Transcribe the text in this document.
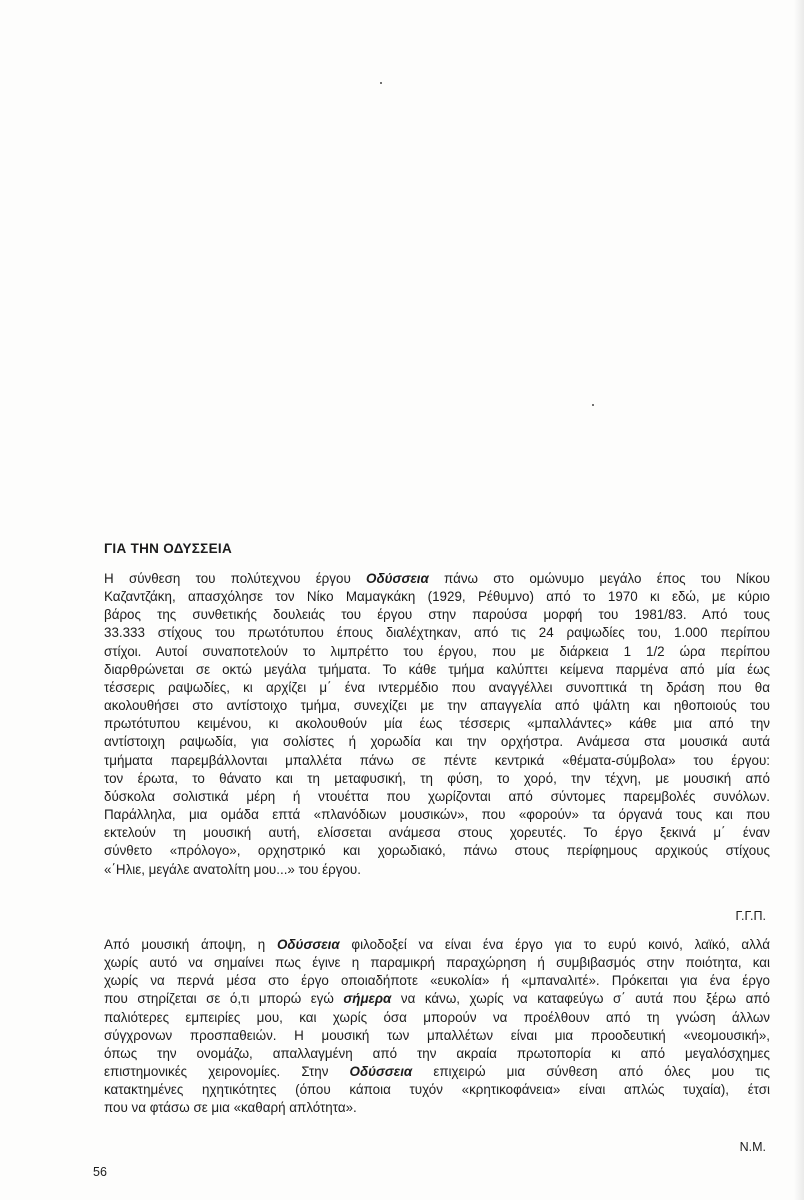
ΓΙΑ ΤΗΝ ΟΔΥΣΣΕΙΑ
Η σύνθεση του πολύτεχνου έργου Οδύσσεια πάνω στο ομώνυμο μεγάλο έπος του Νίκου
Καζαντζάκη, απασχόλησε τον Νίκο Μαμαγκάκη (1929, Ρέθυμνο) από το 1970 κι εδώ, με κύριο
βάρος της συνθετικής δουλειάς του έργου στην παρούσα μορφή του 1981/83. Από τους
33.333 στίχους του πρωτότυπου έπους διαλέχτηκαν, από τις 24 ραψωδίες του, 1.000 περίπου
στίχοι. Αυτοί συναποτελούν το λιμπρέττο του έργου, που με διάρκεια 1 1/2 ώρα περίπου
διαρθρώνεται σε οκτώ μεγάλα τμήματα. Το κάθε τμήμα καλύπτει κείμενα παρμένα από μία έως
τέσσερις ραψωδίες, κι αρχίζει μ΄ ένα ιντερμέδιο που αναγγέλλει συνοπτικά τη δράση που θα
ακολουθήσει στο αντίστοιχο τμήμα, συνεχίζει με την απαγγελία από ψάλτη και ηθοποιούς του
πρωτότυπου κειμένου, κι ακολουθούν μία έως τέσσερις «μπαλλάντες» κάθε μια από την
αντίστοιχη ραψωδία, για σολίστες ή χορωδία και την ορχήστρα. Ανάμεσα στα μουσικά αυτά
τμήματα παρεμβάλλονται μπαλλέτα πάνω σε πέντε κεντρικά «θέματα-σύμβολα» του έργου:
τον έρωτα, το θάνατο και τη μεταφυσική, τη φύση, το χορό, την τέχνη, με μουσική από
δύσκολα σολιστικά μέρη ή ντουέττα που χωρίζονται από σύντομες παρεμβολές συνόλων.
Παράλληλα, μια ομάδα επτά «πλανόδιων μουσικών», που «φορούν» τα όργανά τους και που
εκτελούν τη μουσική αυτή, ελίσσεται ανάμεσα στους χορευτές. Το έργο ξεκινά μ΄ έναν
σύνθετο «πρόλογο», ορχηστρικό και χορωδιακό, πάνω στους περίφημους αρχικούς στίχους
«΄Ηλιε, μεγάλε ανατολίτη μου...» του έργου.

Γ.Γ.Π.

Από μουσική άποψη, η Οδύσσεια φιλοδοξεί να είναι ένα έργο για το ευρύ κοινό, λαϊκό, αλλά
χωρίς αυτό να σημαίνει πως έγινε η παραμικρή παραχώρηση ή συμβιβασμός στην ποιότητα, και
χωρίς να περνά μέσα στο έργο οποιαδήποτε «ευκολία» ή «μπαναλιτέ». Πρόκειται για ένα έργο
που στηρίζεται σε ό,τι μπορώ εγώ σήμερα να κάνω, χωρίς να καταφεύγω σ΄ αυτά που ξέρω από
παλιότερες εμπειρίες μου, και χωρίς όσα μπορούν να προέλθουν από τη γνώση άλλων
σύγχρονων προσπαθειών. Η μουσική των μπαλλέτων είναι μια προοδευτική «νεομουσική»,
όπως την ονομάζω, απαλλαγμένη από την ακραία πρωτοπορία κι από μεγαλόσχημες
επιστημονικές χειρονομίες. Στην Οδύσσεια επιχειρώ μια σύνθεση από όλες μου τις
κατακτημένες ηχητικότητες (όπου κάποια τυχόν «κρητικοφάνεια» είναι απλώς τυχαία), έτσι
που να φτάσω σε μια «καθαρή απλότητα».

Ν.Μ.

56
